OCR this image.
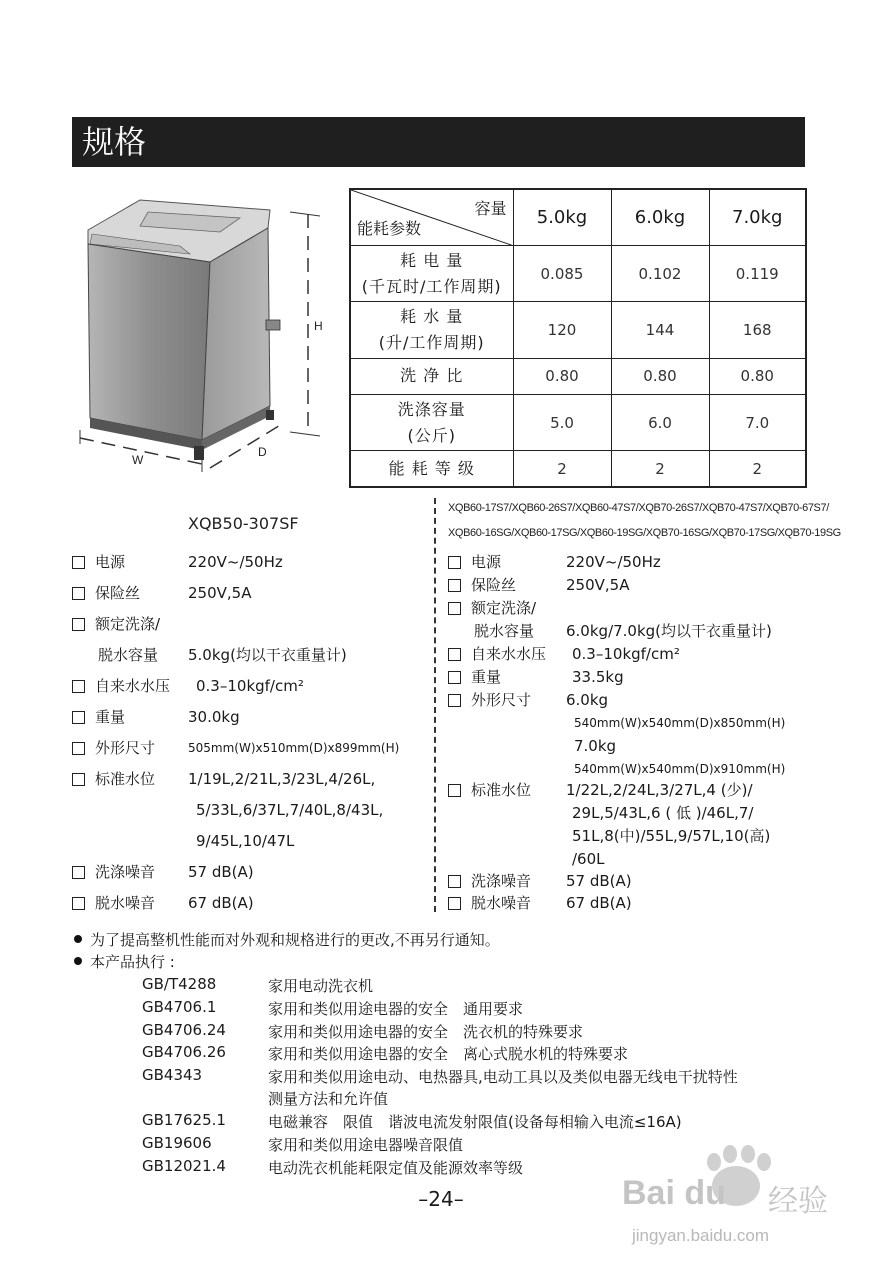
规格
H
W
D
容量
能耗参数	5.0kg	6.0kg	7.0kg

耗 电 量
(千瓦时/工作周期)	0.085	0.102	0.119

耗 水 量
(升/工作周期)	120	144	168

洗 净 比	0.80	0.80	0.80

洗涤容量
(公斤)	5.0	6.0	7.0

能 耗 等 级	2	2	2
XQB50-307SF
电源	220V~/50Hz
保险丝	250V,5A
额定洗涤/
脱水容量 5.0kg(均以干衣重量计)
自来水水压 0.3–10kgf/cm²
重量	30.0kg
外形尺寸	505mm(W)x510mm(D)x899mm(H)
标准水位 1/19L,2/21L,3/23L,4/26L,
5/33L,6/37L,7/40L,8/43L,
9/45L,10/47L
洗涤噪音 57 dB(A)
脱水噪音 67 dB(A)
XQB60-17S7/XQB60-26S7/XQB60-47S7/XQB70-26S7/XQB70-47S7/XQB70-67S7/
XQB60-16SG/XQB60-17SG/XQB60-19SG/XQB70-16SG/XQB70-17SG/XQB70-19SG
电源	220V~/50Hz
保险丝	250V,5A
额定洗涤/
脱水容量 6.0kg/7.0kg(均以干衣重量计)
自来水水压 0.3–10kgf/cm²
重量	33.5kg
外形尺寸 6.0kg
540mm(W)x540mm(D)x850mm(H)
7.0kg
540mm(W)x540mm(D)x910mm(H)
标准水位 1/22L,2/24L,3/27L,4 (少)/
29L,5/43L,6 ( 低 )/46L,7/
51L,8(中)/55L,9/57L,10(高)
/60L
洗涤噪音 57 dB(A)
脱水噪音 67 dB(A)
为了提高整机性能而对外观和规格进行的更改,不再另行通知。
本产品执行 :
GB/T4288	家用电动洗衣机
GB4706.1	家用和类似用途电器的安全　通用要求
GB4706.24	家用和类似用途电器的安全　洗衣机的特殊要求
GB4706.26	家用和类似用途电器的安全　离心式脱水机的特殊要求
GB4343	家用和类似用途电动、电热器具,电动工具以及类似电器无线电干扰特性
测量方法和允许值
GB17625.1	电磁兼容　限值　谐波电流发射限值(设备每相输入电流≤16A)
GB19606	家用和类似用途电器噪音限值
GB12021.4	电动洗衣机能耗限定值及能源效率等级
–24–	Bai du 经验
jingyan.baidu.com
